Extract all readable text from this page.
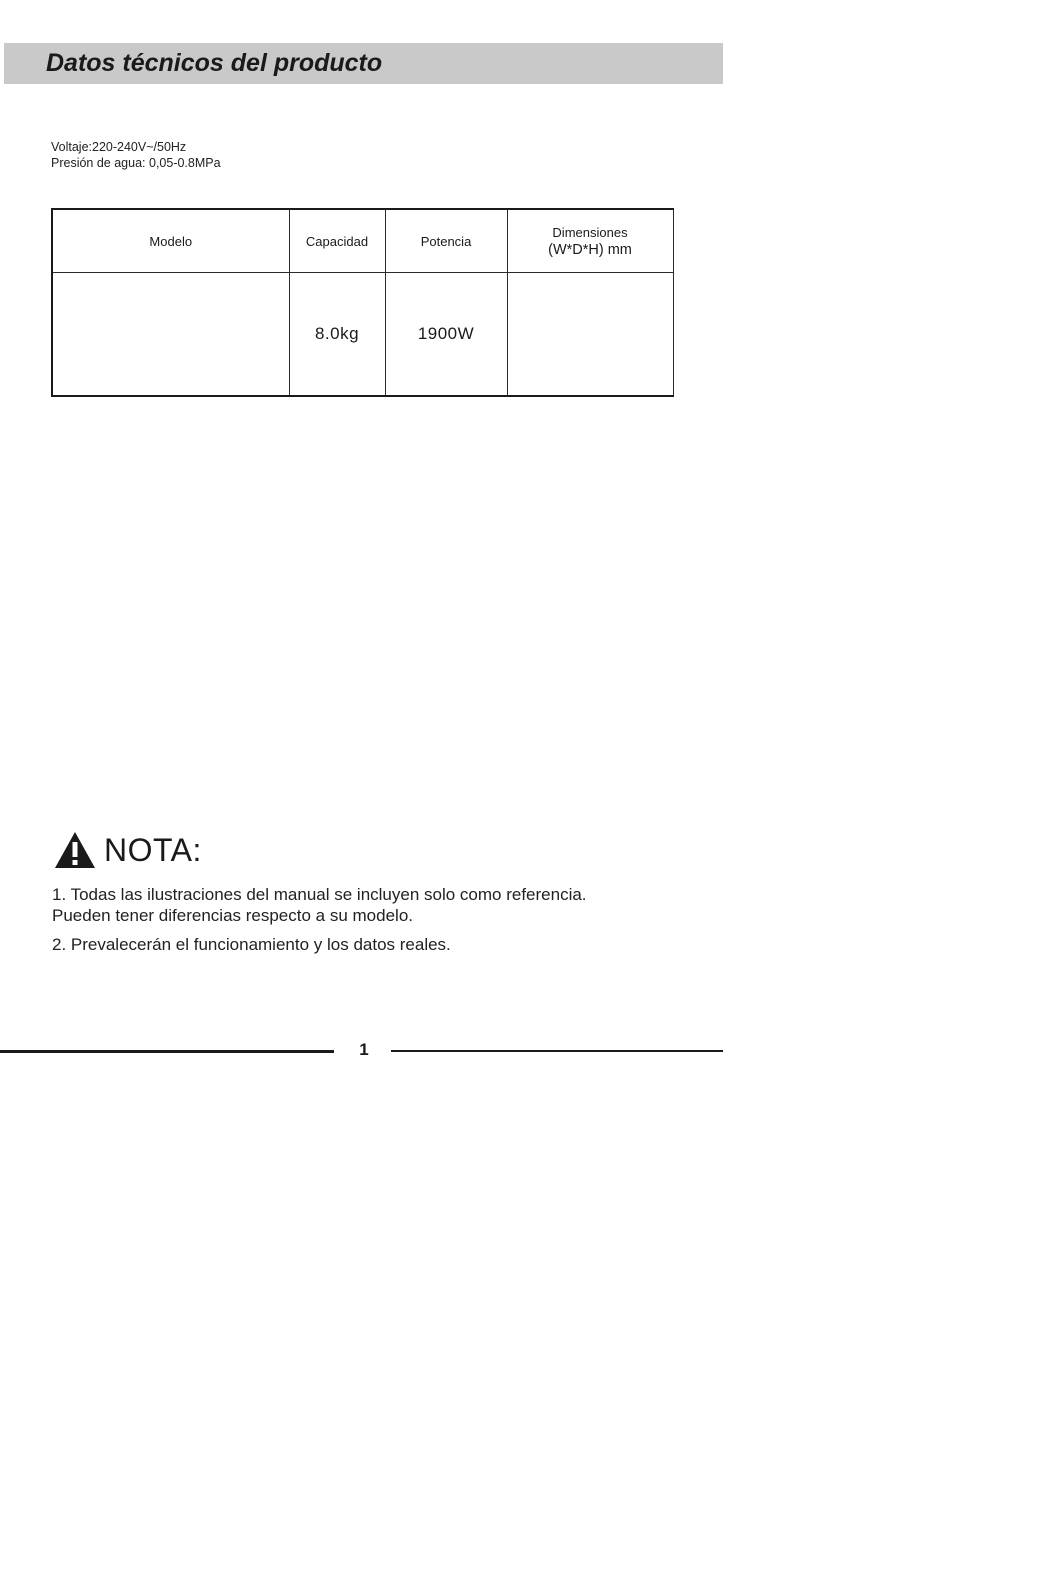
Datos técnicos del producto
Voltaje:220-240V~/50Hz
Presión de agua: 0,05-0.8MPa
Modelo	Capacidad	Potencia	Dimensiones
(W*D*H) mm

	8.0kg	1900W	
NOTA:
1. Todas las ilustraciones del manual se incluyen solo como referencia.
Pueden tener diferencias respecto a su modelo.
2. Prevalecerán el funcionamiento y los datos reales.
1
